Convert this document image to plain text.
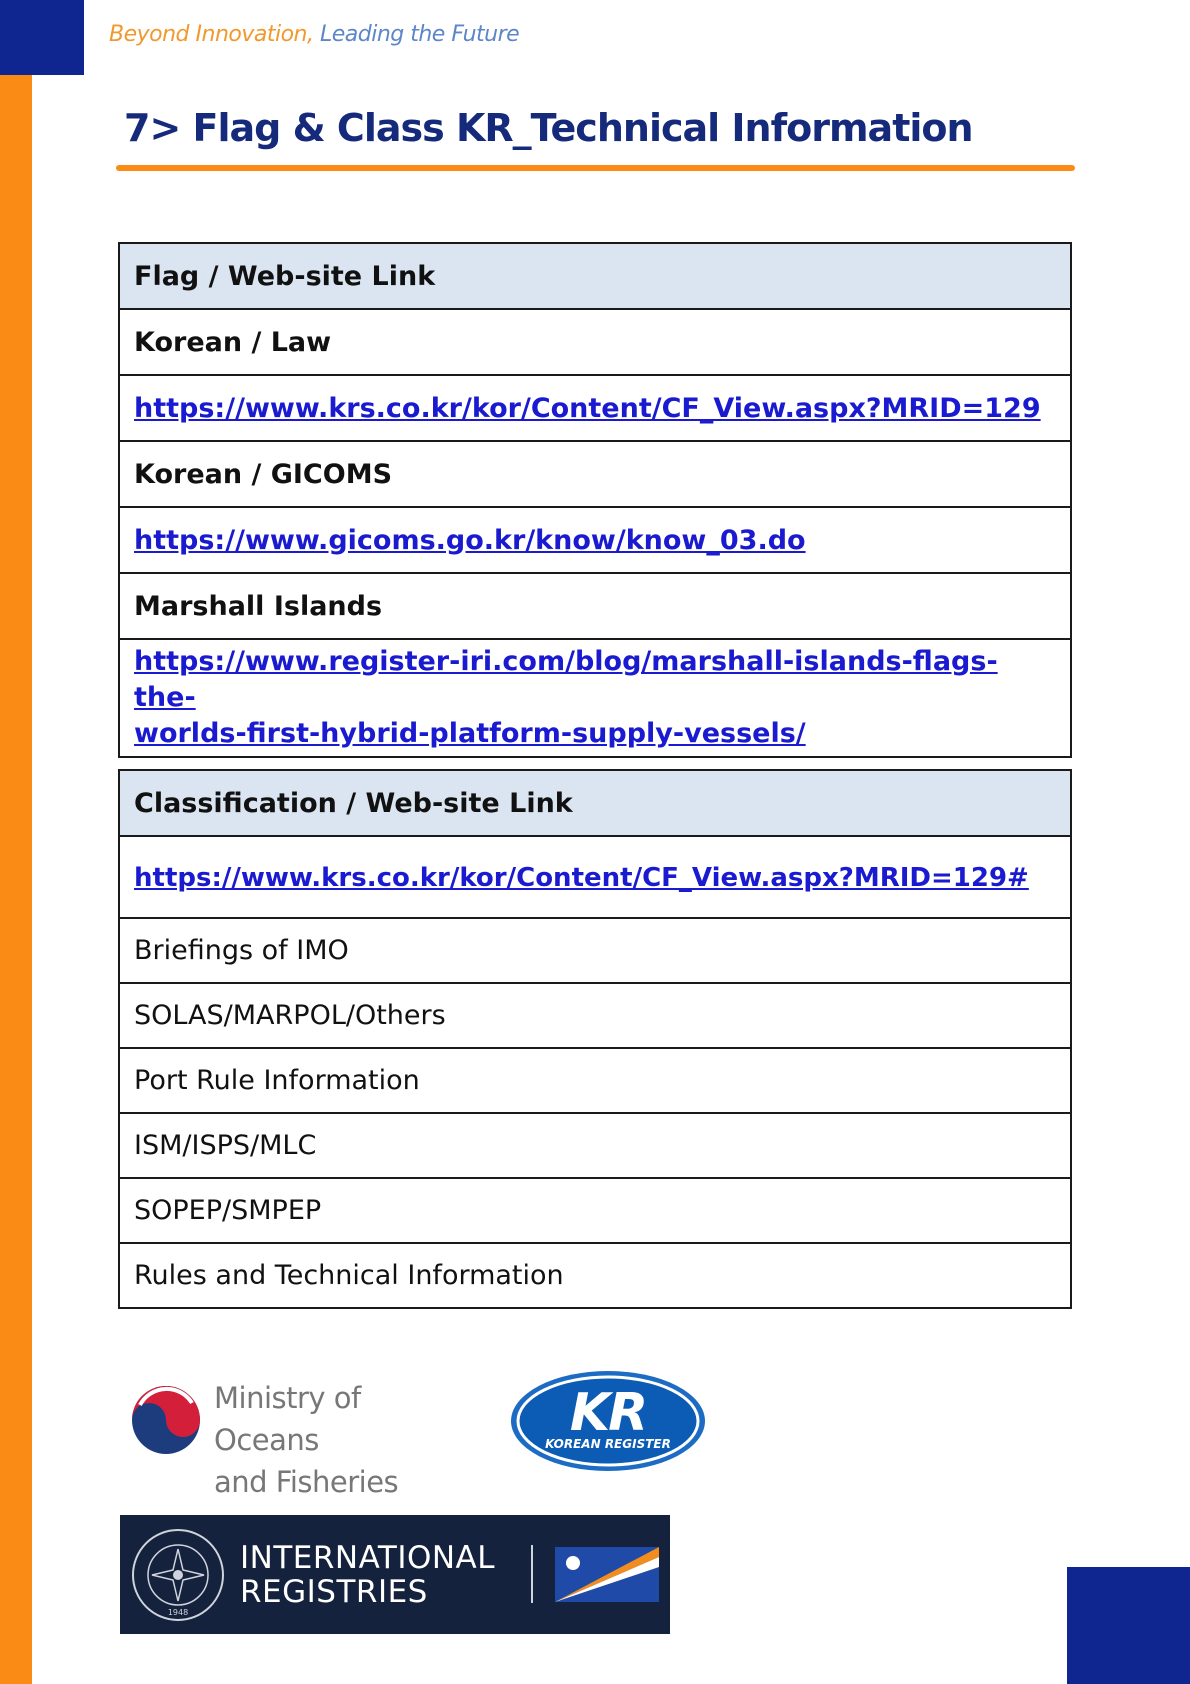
Beyond Innovation, Leading the Future
7> Flag & Class KR_Technical Information
Flag / Web-site Link
Korean / Law
https://www.krs.co.kr/kor/Content/CF_View.aspx?MRID=129
Korean / GICOMS
https://www.gicoms.go.kr/know/know_03.do
Marshall Islands
https://www.register-iri.com/blog/marshall-islands-flags-the-
worlds-first-hybrid-platform-supply-vessels/
Classification / Web-site Link
https://www.krs.co.kr/kor/Content/CF_View.aspx?MRID=129#
Briefings of IMO
SOLAS/MARPOL/Others
Port Rule Information
ISM/ISPS/MLC
SOPEP/SMPEP
Rules and Technical Information
Ministry of Oceans
and Fisheries
KR
KOREAN REGISTER
1948
INTERNATIONAL
REGISTRIES
